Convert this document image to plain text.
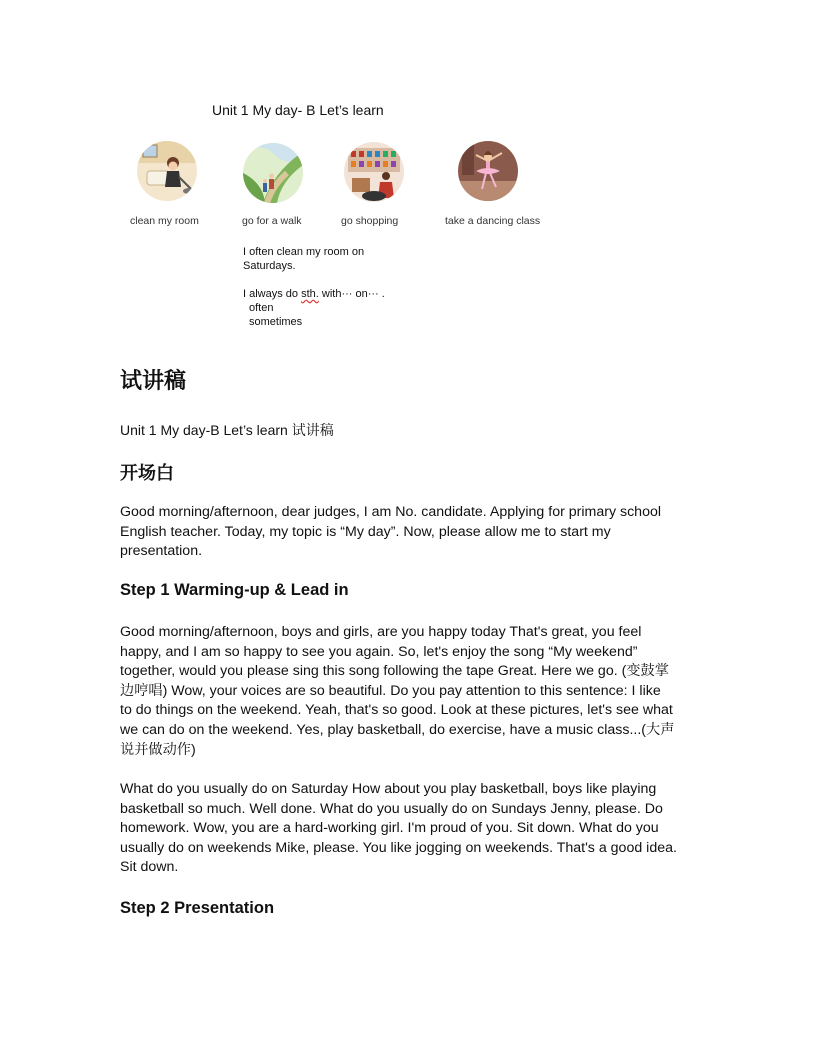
Unit 1 My day- B Let’s learn
clean my room	go for a walk	go shopping	take a dancing class
I often clean my room on
Saturdays.
I always do sth. with··· on··· .
often
sometimes
试讲稿
Unit 1 My day-B Let’s learn 试讲稿
开场白
Good morning/afternoon, dear judges, I am No. candidate. Applying for primary school
English teacher. Today, my topic is “My day”. Now, please allow me to start my
presentation.
Step 1 Warming-up & Lead in
Good morning/afternoon, boys and girls, are you happy today That's great, you feel
happy, and I am so happy to see you again. So, let's enjoy the song “My weekend”
together, would you please sing this song following the tape Great. Here we go. (变鼓掌
边哼唱) Wow, your voices are so beautiful. Do you pay attention to this sentence: I like
to do things on the weekend. Yeah, that's so good. Look at these pictures, let's see what
we can do on the weekend. Yes, play basketball, do exercise, have a music class...(大声
说并做动作)
What do you usually do on Saturday How about you play basketball, boys like playing
basketball so much. Well done. What do you usually do on Sundays Jenny, please. Do
homework. Wow, you are a hard-working girl. I'm proud of you. Sit down. What do you
usually do on weekends Mike, please. You like jogging on weekends. That's a good idea.
Sit down.
Step 2 Presentation
